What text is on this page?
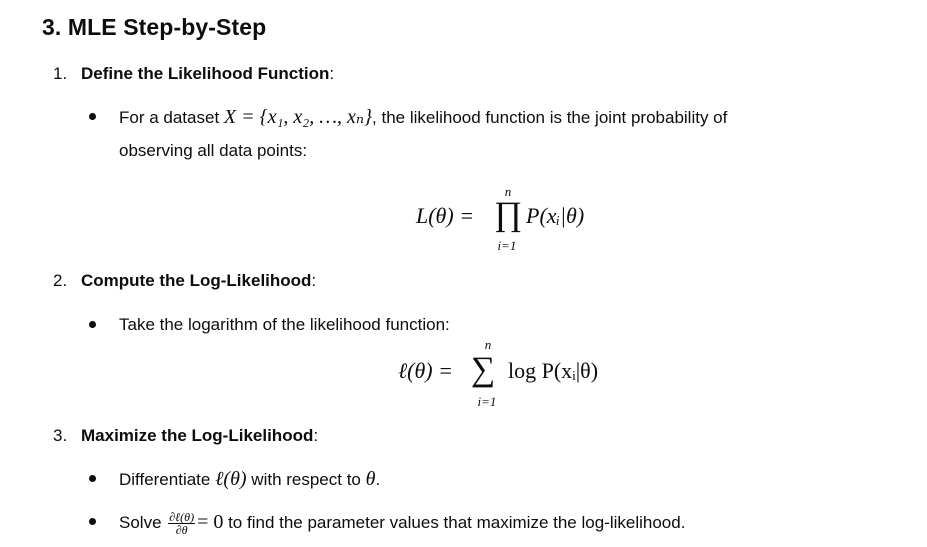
3. MLE Step-by-Step
1. Define the Likelihood Function:
For a dataset X = {x₁, x₂, …, xₙ}, the likelihood function is the joint probability of
observing all data points:
L(θ) =
n
∏
i=1
P(xᵢ|θ)
2. Compute the Log-Likelihood:
Take the logarithm of the likelihood function:
ℓ(θ) =
n
∑
i=1
log P(xᵢ|θ)
3. Maximize the Log-Likelihood:
Differentiate ℓ(θ) with respect to θ.
Solve $\frac{\text{∂ℓ(θ)}}{\partial\theta} = 0$ to find the parameter values that maximize the log-likelihood.
